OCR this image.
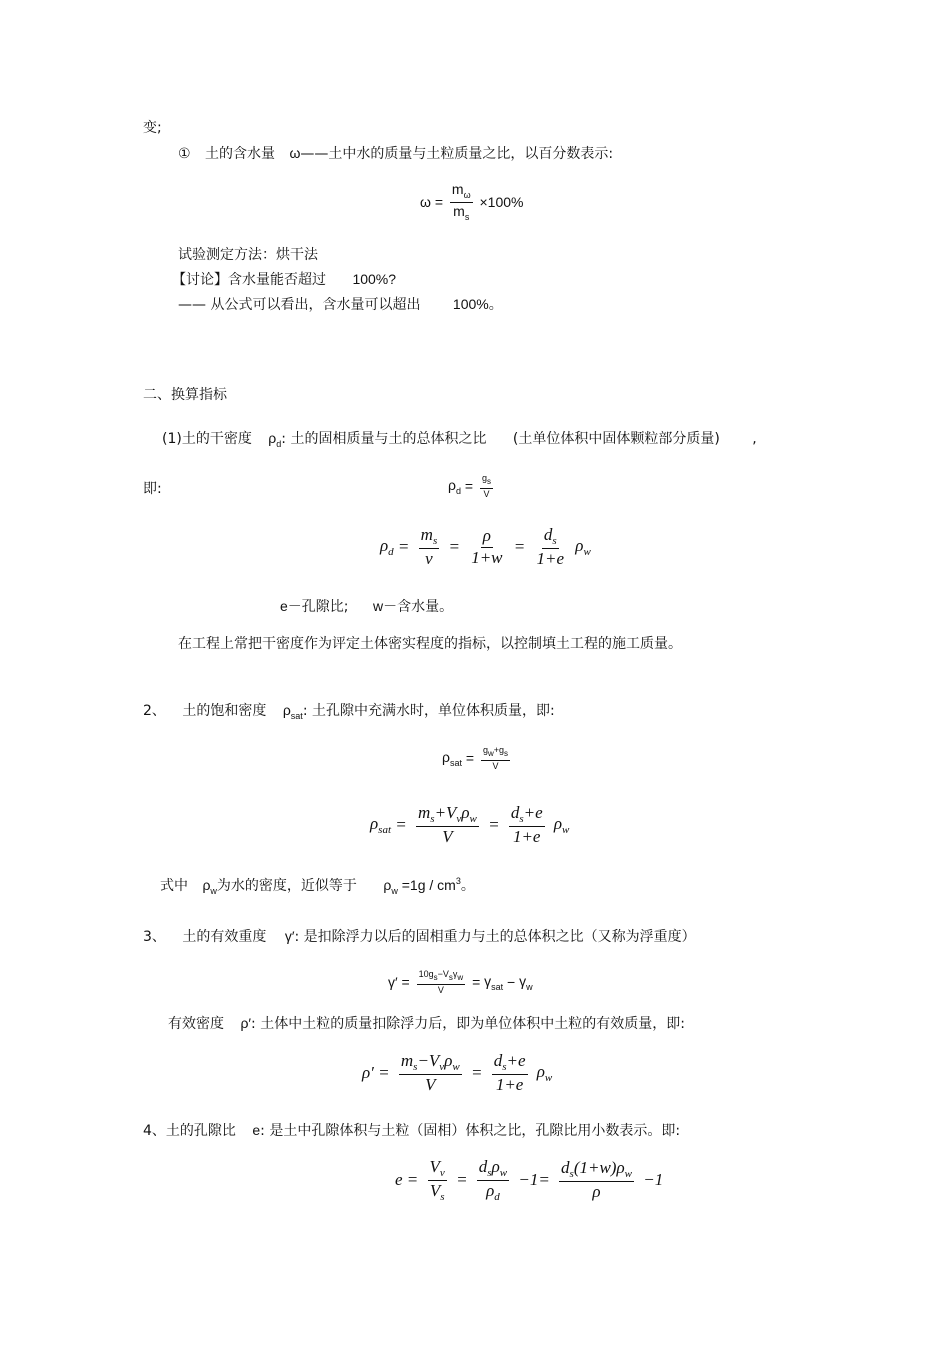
变;
① 土的含水量 ω——土中水的质量与土粒质量之比，以百分数表示:
$\omega = \frac{m_\omega}{m_s} \times 100\%$
试验测定方法：烘干法
【讨论】含水量能否超过 100%?
—— 从公式可以看出，含水量可以超出 100%。
二、换算指标
(1)土的干密度 $\rho_d$: 土的固相质量与土的总体积之比 (土单位体积中固体颗粒部分质量) ,
即:	$\rho_d = \frac{gs}{V}$
$\rho_d = \frac{m_s}{v} = \frac{\rho}{1+w} = \frac{d_s}{1+e} \rho_w$
e－孔隙比; w－含水量。
在工程上常把干密度作为评定土体密实程度的指标，以控制填土工程的施工质量。
2、 土的饱和密度 $\rho_{sat}$: 土孔隙中充满水时，单位体积质量，即:
$\rho_{sat} = \frac{gw+gs}{V}$
$\rho_{sat} = \frac{m_s+V_v\rho_w}{V} = \frac{d_s+e}{1+e} \rho_w$
式中 $\rho_w$为水的密度，近似等于 $\rho_w =1g / cm^3$。
3、 土的有效重度 γ′: 是扣除浮力以后的固相重力与土的总体积之比（又称为浮重度）
$\gamma' = \frac{\text{10gs−Vsγw}}{V} = \gamma_{sat} - \gamma_w$
有效密度 ρ′: 土体中土粒的质量扣除浮力后，即为单位体积中土粒的有效质量，即:
$\rho' = \frac{m_s-V_v\rho_w}{V} = \frac{d_s+e}{1+e} \rho_w$
4、土的孔隙比 e: 是土中孔隙体积与土粒（固相）体积之比，孔隙比用小数表示。即:
$e = \frac{V_v}{V_s} = \frac{d_s\rho_w}{\rho_d} -1= \frac{d_s(1+w)\rho_w}{\rho} -1$
